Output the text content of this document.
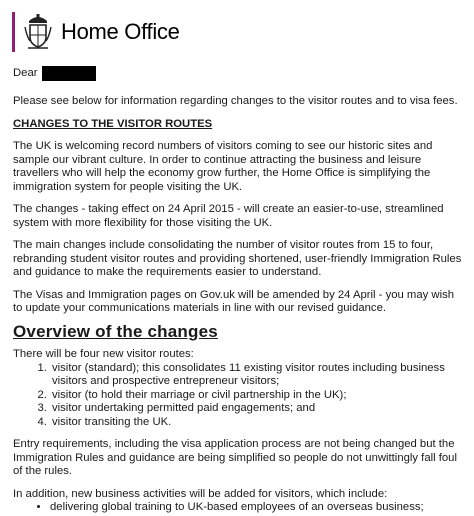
Home Office
Dear

Please see below for information regarding changes to the visitor routes and to visa fees.

CHANGES TO THE VISITOR ROUTES

The UK is welcoming record numbers of visitors coming to see our historic sites and sample our vibrant culture. In order to continue attracting the business and leisure travellers who will help the economy grow further, the Home Office is simplifying the immigration system for people visiting the UK.

The changes - taking effect on 24 April 2015 - will create an easier-to-use, streamlined system with more flexibility for those visiting the UK.

The main changes include consolidating the number of visitor routes from 15 to four, rebranding student visitor routes and providing shortened, user-friendly Immigration Rules and guidance to make the requirements easier to understand.

The Visas and Immigration pages on Gov.uk will be amended by 24 April - you may wish to update your communications materials in line with our revised guidance.

Overview of the changes
There will be four new visitor routes:
1. visitor (standard); this consolidates 11 existing visitor routes including business visitors and prospective entrepreneur visitors;
2. visitor (to hold their marriage or civil partnership in the UK);
3. visitor undertaking permitted paid engagements; and
4. visitor transiting the UK.

Entry requirements, including the visa application process are not being changed but the Immigration Rules and guidance are being simplified so people do not unwittingly fall foul of the rules.

In addition, new business activities will be added for visitors, which include:
• delivering global training to UK-based employees of an overseas business;
